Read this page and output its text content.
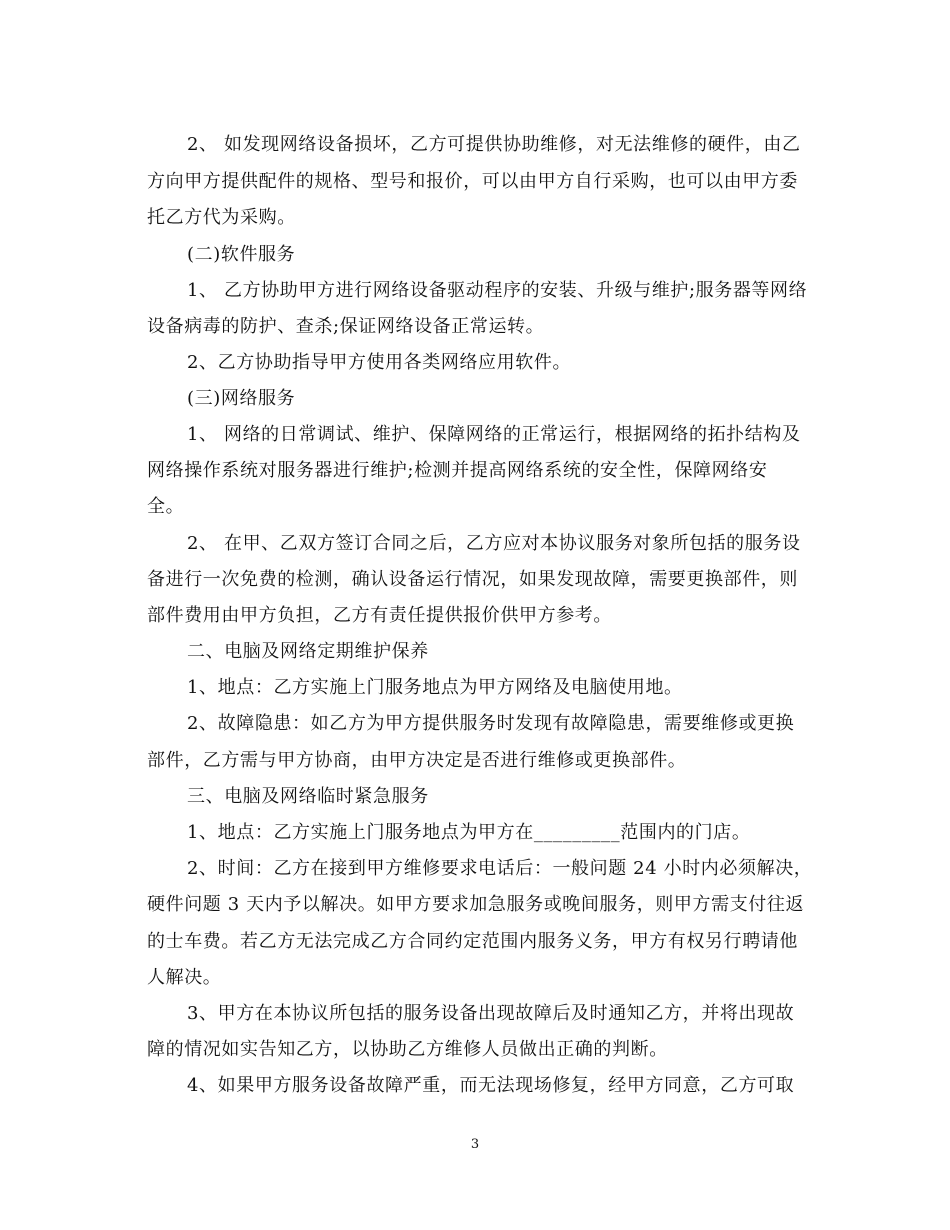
2、 如发现网络设备损坏，乙方可提供协助维修，对无法维修的硬件，由乙
方向甲方提供配件的规格、型号和报价，可以由甲方自行采购，也可以由甲方委
托乙方代为采购。
(二)软件服务
1、 乙方协助甲方进行网络设备驱动程序的安装、升级与维护;服务器等网络
设备病毒的防护、查杀;保证网络设备正常运转。
2、乙方协助指导甲方使用各类网络应用软件。
(三)网络服务
1、 网络的日常调试、维护、保障网络的正常运行，根据网络的拓扑结构及
网络操作系统对服务器进行维护;检测并提高网络系统的安全性，保障网络安
全。
2、 在甲、乙双方签订合同之后，乙方应对本协议服务对象所包括的服务设
备进行一次免费的检测，确认设备运行情况，如果发现故障，需要更换部件，则
部件费用由甲方负担，乙方有责任提供报价供甲方参考。
二、电脑及网络定期维护保养
1、地点：乙方实施上门服务地点为甲方网络及电脑使用地。
2、故障隐患：如乙方为甲方提供服务时发现有故障隐患，需要维修或更换
部件，乙方需与甲方协商，由甲方决定是否进行维修或更换部件。
三、电脑及网络临时紧急服务
1、地点：乙方实施上门服务地点为甲方在_________范围内的门店。
2、时间：乙方在接到甲方维修要求电话后：一般问题 24 小时内必须解决，
硬件问题 3 天内予以解决。如甲方要求加急服务或晚间服务，则甲方需支付往返
的士车费。若乙方无法完成乙方合同约定范围内服务义务，甲方有权另行聘请他
人解决。
3、甲方在本协议所包括的服务设备出现故障后及时通知乙方，并将出现故
障的情况如实告知乙方，以协助乙方维修人员做出正确的判断。
4、如果甲方服务设备故障严重，而无法现场修复，经甲方同意，乙方可取
3
